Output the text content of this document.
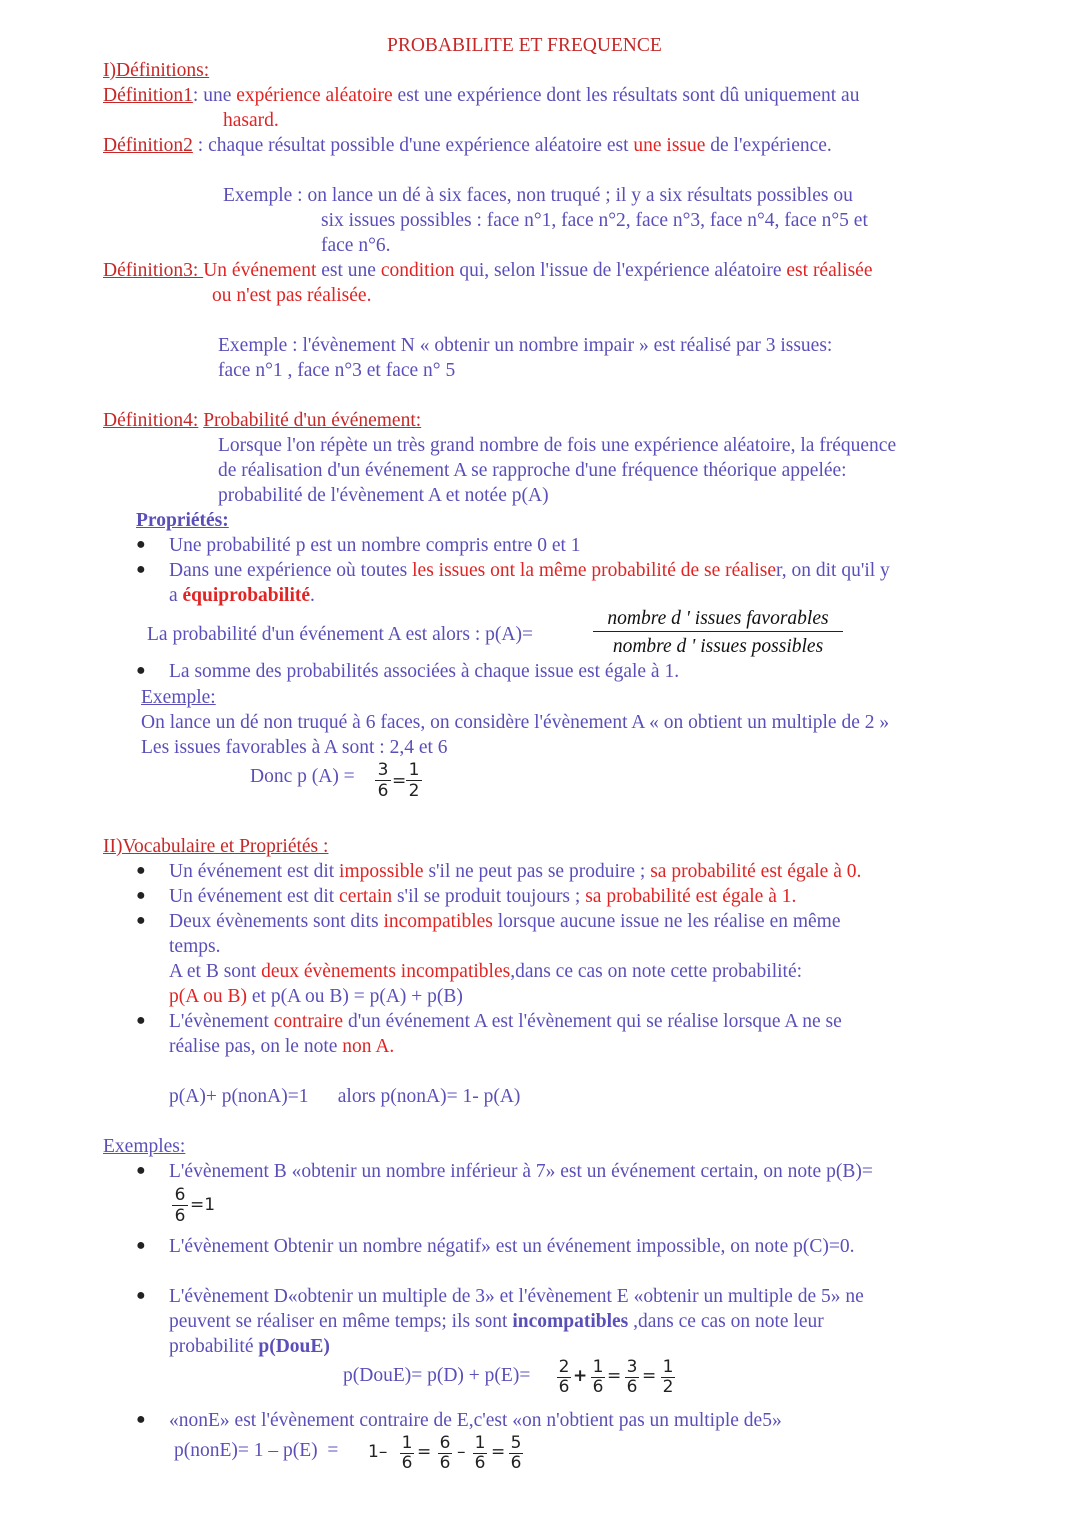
PROBABILITE ET FREQUENCE
I)Définitions:
Définition1: une expérience aléatoire est une expérience dont les résultats sont dû uniquement au
hasard.
Définition2 : chaque résultat possible d'une expérience aléatoire est une issue de l'expérience.
Exemple : on lance un dé à six faces, non truqué ; il y a six résultats possibles ou
six issues possibles : face n°1, face n°2, face n°3, face n°4, face n°5 et
face n°6.
Définition3: Un événement est une condition qui, selon l'issue de l'expérience aléatoire est réalisée
ou n'est pas réalisée.
Exemple : l'évènement N « obtenir un nombre impair » est réalisé par 3 issues:
face n°1 , face n°3 et face n° 5
Définition4: Probabilité d'un événement:
Lorsque l'on répète un très grand nombre de fois une expérience aléatoire, la fréquence
de réalisation d'un événement A se rapproche d'une fréquence théorique appelée:
probabilité de l'évènement A et notée p(A)
Propriétés:
● Une probabilité p est un nombre compris entre 0 et 1
● Dans une expérience où toutes les issues ont la même probabilité de se réaliser, on dit qu'il y
a équiprobabilité.
La probabilité d'un événement A est alors : p(A)=
nombre d ' issues favorables
nombre d ' issues possibles
● La somme des probabilités associées à chaque issue est égale à 1.
Exemple:
On lance un dé non truqué à 6 faces, on considère l'évènement A « on obtient un multiple de 2 »
Les issues favorables à A sont : 2,4 et 6
Donc p (A) = 3
6 =
1
2
II)Vocabulaire et Propriétés :
● Un événement est dit impossible s'il ne peut pas se produire ; sa probabilité est égale à 0.
● Un événement est dit certain s'il se produit toujours ; sa probabilité est égale à 1.
● Deux évènements sont dits incompatibles lorsque aucune issue ne les réalise en même
temps.
A et B sont deux évènements incompatibles,dans ce cas on note cette probabilité:
p(A ou B) et p(A ou B) = p(A) + p(B)
● L'évènement contraire d'un événement A est l'évènement qui se réalise lorsque A ne se
réalise pas, on le note non A.
p(A)+ p(nonA)=1      alors p(nonA)= 1- p(A)
Exemples:
● L'évènement B «obtenir un nombre inférieur à 7» est un événement certain, on note p(B)=
6
6
=1
● L'évènement Obtenir un nombre négatif» est un événement impossible, on note p(C)=0.
● L'évènement D«obtenir un multiple de 3» et l'évènement E «obtenir un multiple de 5» ne
peuvent se réaliser en même temps; ils sont incompatibles ,dans ce cas on note leur
probabilité p(DouE)
p(DouE)= p(D) + p(E)= 2
6
+ 1
6
= 3
6
= 1
2
● «nonE» est l'évènement contraire de E,c'est «on n'obtient pas un multiple de5»
p(nonE)= 1 – p(E)  = 1– 1
6
= 6
6
– 1
6
= 5
6
